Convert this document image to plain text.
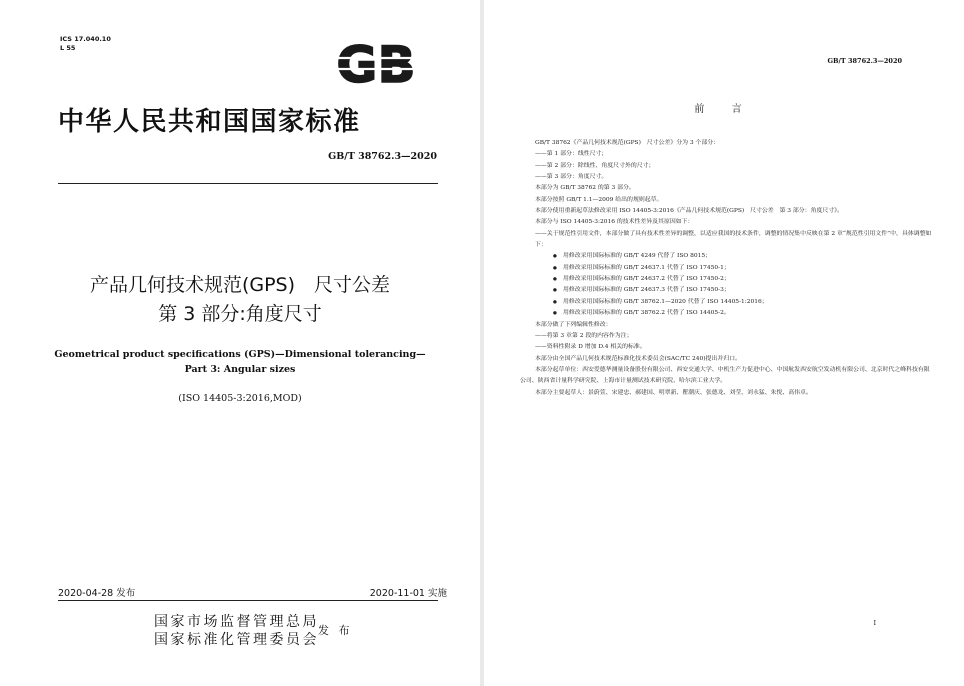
ICS 17.040.10
L 55	GB
中华人民共和国国家标准
GB/T 38762.3—2020
产品几何技术规范(GPS)　尺寸公差
第 3 部分:角度尺寸
Geometrical product specifications (GPS)—Dimensional tolerancing—
Part 3: Angular sizes
(ISO 14405-3:2016,MOD)
2020-04-28 发布	2020-11-01 实施
国家市场监督管理总局
国家标准化管理委员会
发 布
GB/T 38762.3—2020
前 言

GB/T 38762《产品几何技术规范(GPS)　尺寸公差》分为 3 个部分：

——第 1 部分：线性尺寸；

——第 2 部分：除线性、角度尺寸外的尺寸；

——第 3 部分：角度尺寸。

本部分为 GB/T 38762 的第 3 部分。

本部分按照 GB/T 1.1—2009 给出的规则起草。

本部分使用重新起草法修改采用 ISO 14405-3:2016《产品几何技术规范(GPS)　尺寸公差　第 3 部分：角度尺寸》。

本部分与 ISO 14405-3:2016 的技术性差异及其原因如下：

——关于规范性引用文件，本部分做了具有技术性差异的调整，以适应我国的技术条件，调整的情况集中反映在第 2 章“规范性引用文件”中，具体调整如下：

● 用修改采用国际标准的 GB/T 4249 代替了 ISO 8015；

● 用修改采用国际标准的 GB/T 24637.1 代替了 ISO 17450-1；

● 用修改采用国际标准的 GB/T 24637.2 代替了 ISO 17450-2；

● 用修改采用国际标准的 GB/T 24637.3 代替了 ISO 17450-3；

● 用修改采用国际标准的 GB/T 38762.1—2020 代替了 ISO 14405-1:2016；

● 用修改采用国际标准的 GB/T 38762.2 代替了 ISO 14405-2。

本部分做了下列编辑性修改：

——将第 3 章第 2 段的内容作为注；

——资料性附录 D 增加 D.4 相关的标准。

本部分由全国产品几何技术规范标准化技术委员会(SAC/TC 240)提出并归口。

本部分起草单位：西安爱德华测量设备股份有限公司、西安交通大学、中机生产力促进中心、中国航发西安航空发动机有限公司、北京时代之峰科技有限公司、陕西省计量科学研究院、上海市计量测试技术研究院、哈尔滨工业大学。

本部分主要起草人：景蔚萱、宋建忠、郝建国、明翠新、瞿潮庆、张德龙、刘莹、刘永猛、朱悦、高伟卓。

I
